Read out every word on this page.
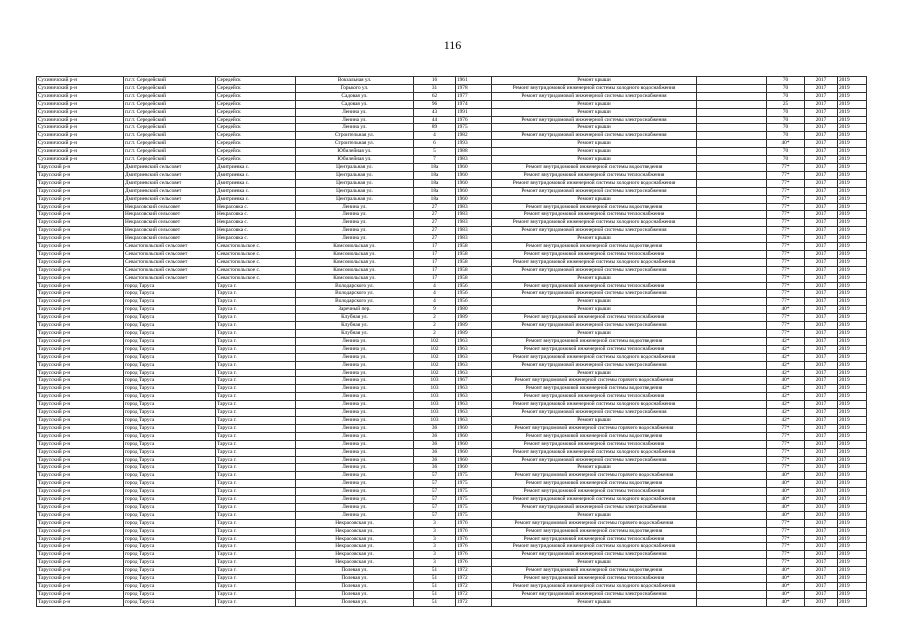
116
Сухиничский р-н	п.г.т. Середейский	Середейск	Вокзальная ул.	16	1961	Ремонт крыши		70	2017	2019
Сухиничский р-н	п.г.т. Середейский	Середейск	Горького ул.	31	1978	Ремонт внутридомовой инженерной системы холодного водоснабжения		70	2017	2019
Сухиничский р-н	п.г.т. Середейский	Середейск	Садовая ул.	62	1977	Ремонт внутридомовой инженерной системы электроснабжения		70	2017	2019
Сухиничский р-н	п.г.т. Середейский	Середейск	Садовая ул.	96	1974	Ремонт крыши		25	2017	2019
Сухиничский р-н	п.г.т. Середейский	Середейск	Ленина ул.	43	1991	Ремонт крыши		70	2017	2019
Сухиничский р-н	п.г.т. Середейский	Середейск	Ленина ул.	44	1976	Ремонт внутридомовой инженерной системы электроснабжения		70	2017	2019
Сухиничский р-н	п.г.т. Середейский	Середейск	Ленина ул.	89	1975	Ремонт крыши		70	2017	2019
Сухиничский р-н	п.г.т. Середейский	Середейск	Строительная ул.	4	1982	Ремонт внутридомовой инженерной системы электроснабжения		70	2017	2019
Сухиничский р-н	п.г.т. Середейский	Середейск	Строительная ул.	6	1993	Ремонт крыши		40*	2017	2019
Сухиничский р-н	п.г.т. Середейский	Середейск	Юбилейная ул.	5	1988	Ремонт крыши		70	2017	2019
Сухиничский р-н	п.г.т. Середейский	Середейск	Юбилейная ул.	7	1983	Ремонт крыши		70	2017	2019
Тарусский р-н	Дмитриевский сельсовет	Дмитриевка с.	Центральная ул.	18а	1960	Ремонт внутридомовой инженерной системы водоотведения		77*	2017	2019
Тарусский р-н	Дмитриевский сельсовет	Дмитриевка с.	Центральная ул.	18а	1960	Ремонт внутридомовой инженерной системы теплоснабжения		77*	2017	2019
Тарусский р-н	Дмитриевский сельсовет	Дмитриевка с.	Центральная ул.	18а	1960	Ремонт внутридомовой инженерной системы холодного водоснабжения		77*	2017	2019
Тарусский р-н	Дмитриевский сельсовет	Дмитриевка с.	Центральная ул.	18а	1960	Ремонт внутридомовой инженерной системы электроснабжения		77*	2017	2019
Тарусский р-н	Дмитриевский сельсовет	Дмитриевка с.	Центральная ул.	18а	1960	Ремонт крыши		77*	2017	2019
Тарусский р-н	Некрасовский сельсовет	Некрасовка с.	Ленина ул.	27	1983	Ремонт внутридомовой инженерной системы водоотведения		77*	2017	2019
Тарусский р-н	Некрасовский сельсовет	Некрасовка с.	Ленина ул.	27	1983	Ремонт внутридомовой инженерной системы теплоснабжения		77*	2017	2019
Тарусский р-н	Некрасовский сельсовет	Некрасовка с.	Ленина ул.	27	1983	Ремонт внутридомовой инженерной системы холодного водоснабжения		77*	2017	2019
Тарусский р-н	Некрасовский сельсовет	Некрасовка с.	Ленина ул.	27	1983	Ремонт внутридомовой инженерной системы электроснабжения		77*	2017	2019
Тарусский р-н	Некрасовский сельсовет	Некрасовка с.	Ленина ул.	27	1983	Ремонт крыши		77*	2017	2019
Тарусский р-н	Севастопольский сельсовет	Севастопольское с.	Комсомольская ул.	17	1958	Ремонт внутридомовой инженерной системы водоотведения		77*	2017	2019
Тарусский р-н	Севастопольский сельсовет	Севастопольское с.	Комсомольская ул.	17	1958	Ремонт внутридомовой инженерной системы теплоснабжения		77*	2017	2019
Тарусский р-н	Севастопольский сельсовет	Севастопольское с.	Комсомольская ул.	17	1958	Ремонт внутридомовой инженерной системы холодного водоснабжения		77*	2017	2019
Тарусский р-н	Севастопольский сельсовет	Севастопольское с.	Комсомольская ул.	17	1958	Ремонт внутридомовой инженерной системы электроснабжения		77*	2017	2019
Тарусский р-н	Севастопольский сельсовет	Севастопольское с.	Комсомольская ул.	17	1958	Ремонт крыши		77*	2017	2019
Тарусский р-н	город Таруса	Таруса г.	Володарского ул.	4	1956	Ремонт внутридомовой инженерной системы теплоснабжения		77*	2017	2019
Тарусский р-н	город Таруса	Таруса г.	Володарского ул.	4	1956	Ремонт внутридомовой инженерной системы электроснабжения		77*	2017	2019
Тарусский р-н	город Таруса	Таруса г.	Володарского ул.	4	1956	Ремонт крыши		77*	2017	2019
Тарусский р-н	город Таруса	Таруса г.	Заречный пер.	9	1980	Ремонт крыши		40*	2017	2019
Тарусский р-н	город Таруса	Таруса г.	Клубная ул.	2	1989	Ремонт внутридомовой инженерной системы теплоснабжения		77*	2017	2019
Тарусский р-н	город Таруса	Таруса г.	Клубная ул.	2	1989	Ремонт внутридомовой инженерной системы электроснабжения		77*	2017	2019
Тарусский р-н	город Таруса	Таруса г.	Клубная ул.	2	1989	Ремонт крыши		77*	2017	2019
Тарусский р-н	город Таруса	Таруса г.	Ленина ул.	102	1963	Ремонт внутридомовой инженерной системы водоотведения		42*	2017	2019
Тарусский р-н	город Таруса	Таруса г.	Ленина ул.	102	1963	Ремонт внутридомовой инженерной системы теплоснабжения		42*	2017	2019
Тарусский р-н	город Таруса	Таруса г.	Ленина ул.	102	1963	Ремонт внутридомовой инженерной системы холодного водоснабжения		42*	2017	2019
Тарусский р-н	город Таруса	Таруса г.	Ленина ул.	102	1963	Ремонт внутридомовой инженерной системы электроснабжения		42*	2017	2019
Тарусский р-н	город Таруса	Таруса г.	Ленина ул.	102	1963	Ремонт крыши		42*	2017	2019
Тарусский р-н	город Таруса	Таруса г.	Ленина ул.	103	1967	Ремонт внутридомовой инженерной системы горячего водоснабжения		40*	2017	2019
Тарусский р-н	город Таруса	Таруса г.	Ленина ул.	103	1963	Ремонт внутридомовой инженерной системы водоотведения		42*	2017	2019
Тарусский р-н	город Таруса	Таруса г.	Ленина ул.	103	1963	Ремонт внутридомовой инженерной системы теплоснабжения		42*	2017	2019
Тарусский р-н	город Таруса	Таруса г.	Ленина ул.	103	1963	Ремонт внутридомовой инженерной системы холодного водоснабжения		42*	2017	2019
Тарусский р-н	город Таруса	Таруса г.	Ленина ул.	103	1963	Ремонт внутридомовой инженерной системы электроснабжения		42*	2017	2019
Тарусский р-н	город Таруса	Таруса г.	Ленина ул.	103	1963	Ремонт крыши		42*	2017	2019
Тарусский р-н	город Таруса	Таруса г.	Ленина ул.	36	1960	Ремонт внутридомовой инженерной системы горячего водоснабжения		77*	2017	2019
Тарусский р-н	город Таруса	Таруса г.	Ленина ул.	36	1960	Ремонт внутридомовой инженерной системы водоотведения		77*	2017	2019
Тарусский р-н	город Таруса	Таруса г.	Ленина ул.	36	1960	Ремонт внутридомовой инженерной системы теплоснабжения		77*	2017	2019
Тарусский р-н	город Таруса	Таруса г.	Ленина ул.	36	1960	Ремонт внутридомовой инженерной системы холодного водоснабжения		77*	2017	2019
Тарусский р-н	город Таруса	Таруса г.	Ленина ул.	36	1960	Ремонт внутридомовой инженерной системы электроснабжения		77*	2017	2019
Тарусский р-н	город Таруса	Таруса г.	Ленина ул.	36	1960	Ремонт крыши		77*	2017	2019
Тарусский р-н	город Таруса	Таруса г.	Ленина ул.	57	1975	Ремонт внутридомовой инженерной системы горячего водоснабжения		40*	2017	2019
Тарусский р-н	город Таруса	Таруса г.	Ленина ул.	57	1975	Ремонт внутридомовой инженерной системы водоотведения		40*	2017	2019
Тарусский р-н	город Таруса	Таруса г.	Ленина ул.	57	1975	Ремонт внутридомовой инженерной системы теплоснабжения		40*	2017	2019
Тарусский р-н	город Таруса	Таруса г.	Ленина ул.	57	1975	Ремонт внутридомовой инженерной системы холодного водоснабжения		40*	2017	2019
Тарусский р-н	город Таруса	Таруса г.	Ленина ул.	57	1975	Ремонт внутридомовой инженерной системы электроснабжения		40*	2017	2019
Тарусский р-н	город Таруса	Таруса г.	Ленина ул.	57	1975	Ремонт крыши		40*	2017	2019
Тарусский р-н	город Таруса	Таруса г.	Некрасовская ул.	3	1976	Ремонт внутридомовой инженерной системы горячего водоснабжения		77*	2017	2019
Тарусский р-н	город Таруса	Таруса г.	Некрасовская ул.	3	1976	Ремонт внутридомовой инженерной системы водоотведения		77*	2017	2019
Тарусский р-н	город Таруса	Таруса г.	Некрасовская ул.	3	1976	Ремонт внутридомовой инженерной системы теплоснабжения		77*	2017	2019
Тарусский р-н	город Таруса	Таруса г.	Некрасовская ул.	3	1976	Ремонт внутридомовой инженерной системы холодного водоснабжения		77*	2017	2019
Тарусский р-н	город Таруса	Таруса г.	Некрасовская ул.	3	1976	Ремонт внутридомовой инженерной системы электроснабжения		77*	2017	2019
Тарусский р-н	город Таруса	Таруса г.	Некрасовская ул.	3	1976	Ремонт крыши		77*	2017	2019
Тарусский р-н	город Таруса	Таруса г.	Полевая ул.	51	1972	Ремонт внутридомовой инженерной системы водоотведения		40*	2017	2019
Тарусский р-н	город Таруса	Таруса г.	Полевая ул.	51	1972	Ремонт внутридомовой инженерной системы теплоснабжения		40*	2017	2019
Тарусский р-н	город Таруса	Таруса г.	Полевая ул.	51	1972	Ремонт внутридомовой инженерной системы холодного водоснабжения		40*	2017	2019
Тарусский р-н	город Таруса	Таруса г.	Полевая ул.	51	1972	Ремонт внутридомовой инженерной системы электроснабжения		40*	2017	2019
Тарусский р-н	город Таруса	Таруса г.	Полевая ул.	51	1972	Ремонт крыши		40*	2017	2019
